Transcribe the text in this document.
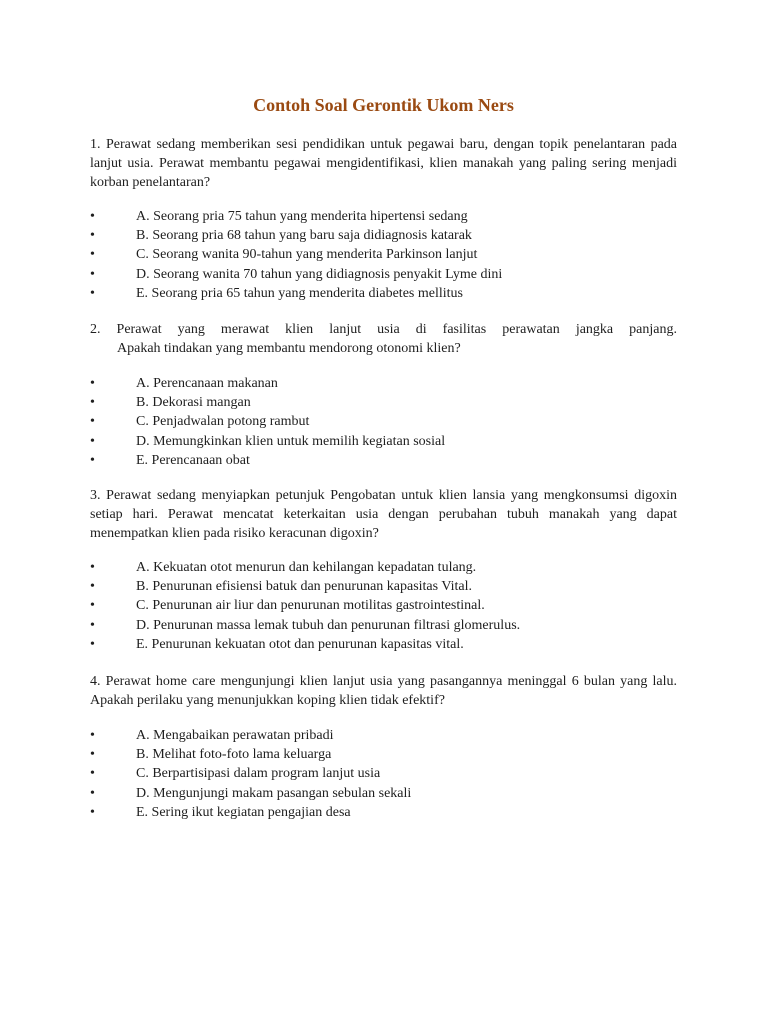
Contoh Soal Gerontik Ukom Ners

1. Perawat sedang memberikan sesi pendidikan untuk pegawai baru, dengan topik penelantaran pada lanjut usia. Perawat membantu pegawai mengidentifikasi, klien manakah yang paling sering menjadi korban penelantaran?

•	A. Seorang pria 75 tahun yang menderita hipertensi sedang
•	B. Seorang pria 68 tahun yang baru saja didiagnosis katarak
•	C. Seorang wanita 90-tahun yang menderita Parkinson lanjut
•	D. Seorang wanita 70 tahun yang didiagnosis penyakit Lyme dini
•	E. Seorang pria 65 tahun yang menderita diabetes mellitus

2. Perawat yang merawat klien lanjut usia di fasilitas perawatan jangka panjang.
Apakah tindakan yang membantu mendorong otonomi klien?

•	A. Perencanaan makanan
•	B. Dekorasi mangan
•	C. Penjadwalan potong rambut
•	D. Memungkinkan klien untuk memilih kegiatan sosial
•	E. Perencanaan obat

3. Perawat sedang menyiapkan petunjuk Pengobatan untuk klien lansia yang mengkonsumsi digoxin setiap hari. Perawat mencatat keterkaitan usia dengan perubahan tubuh manakah yang dapat menempatkan klien pada risiko keracunan digoxin?

•	A. Kekuatan otot menurun dan kehilangan kepadatan tulang.
•	B. Penurunan efisiensi batuk dan penurunan kapasitas Vital.
•	C. Penurunan air liur dan penurunan motilitas gastrointestinal.
•	D. Penurunan massa lemak tubuh dan penurunan filtrasi glomerulus.
•	E. Penurunan kekuatan otot dan penurunan kapasitas vital.

4. Perawat home care mengunjungi klien lanjut usia yang pasangannya meninggal 6 bulan yang lalu. Apakah perilaku yang menunjukkan koping klien tidak efektif?

•	A. Mengabaikan perawatan pribadi
•	B. Melihat foto-foto lama keluarga
•	C. Berpartisipasi dalam program lanjut usia
•	D. Mengunjungi makam pasangan sebulan sekali
•	E. Sering ikut kegiatan pengajian desa
